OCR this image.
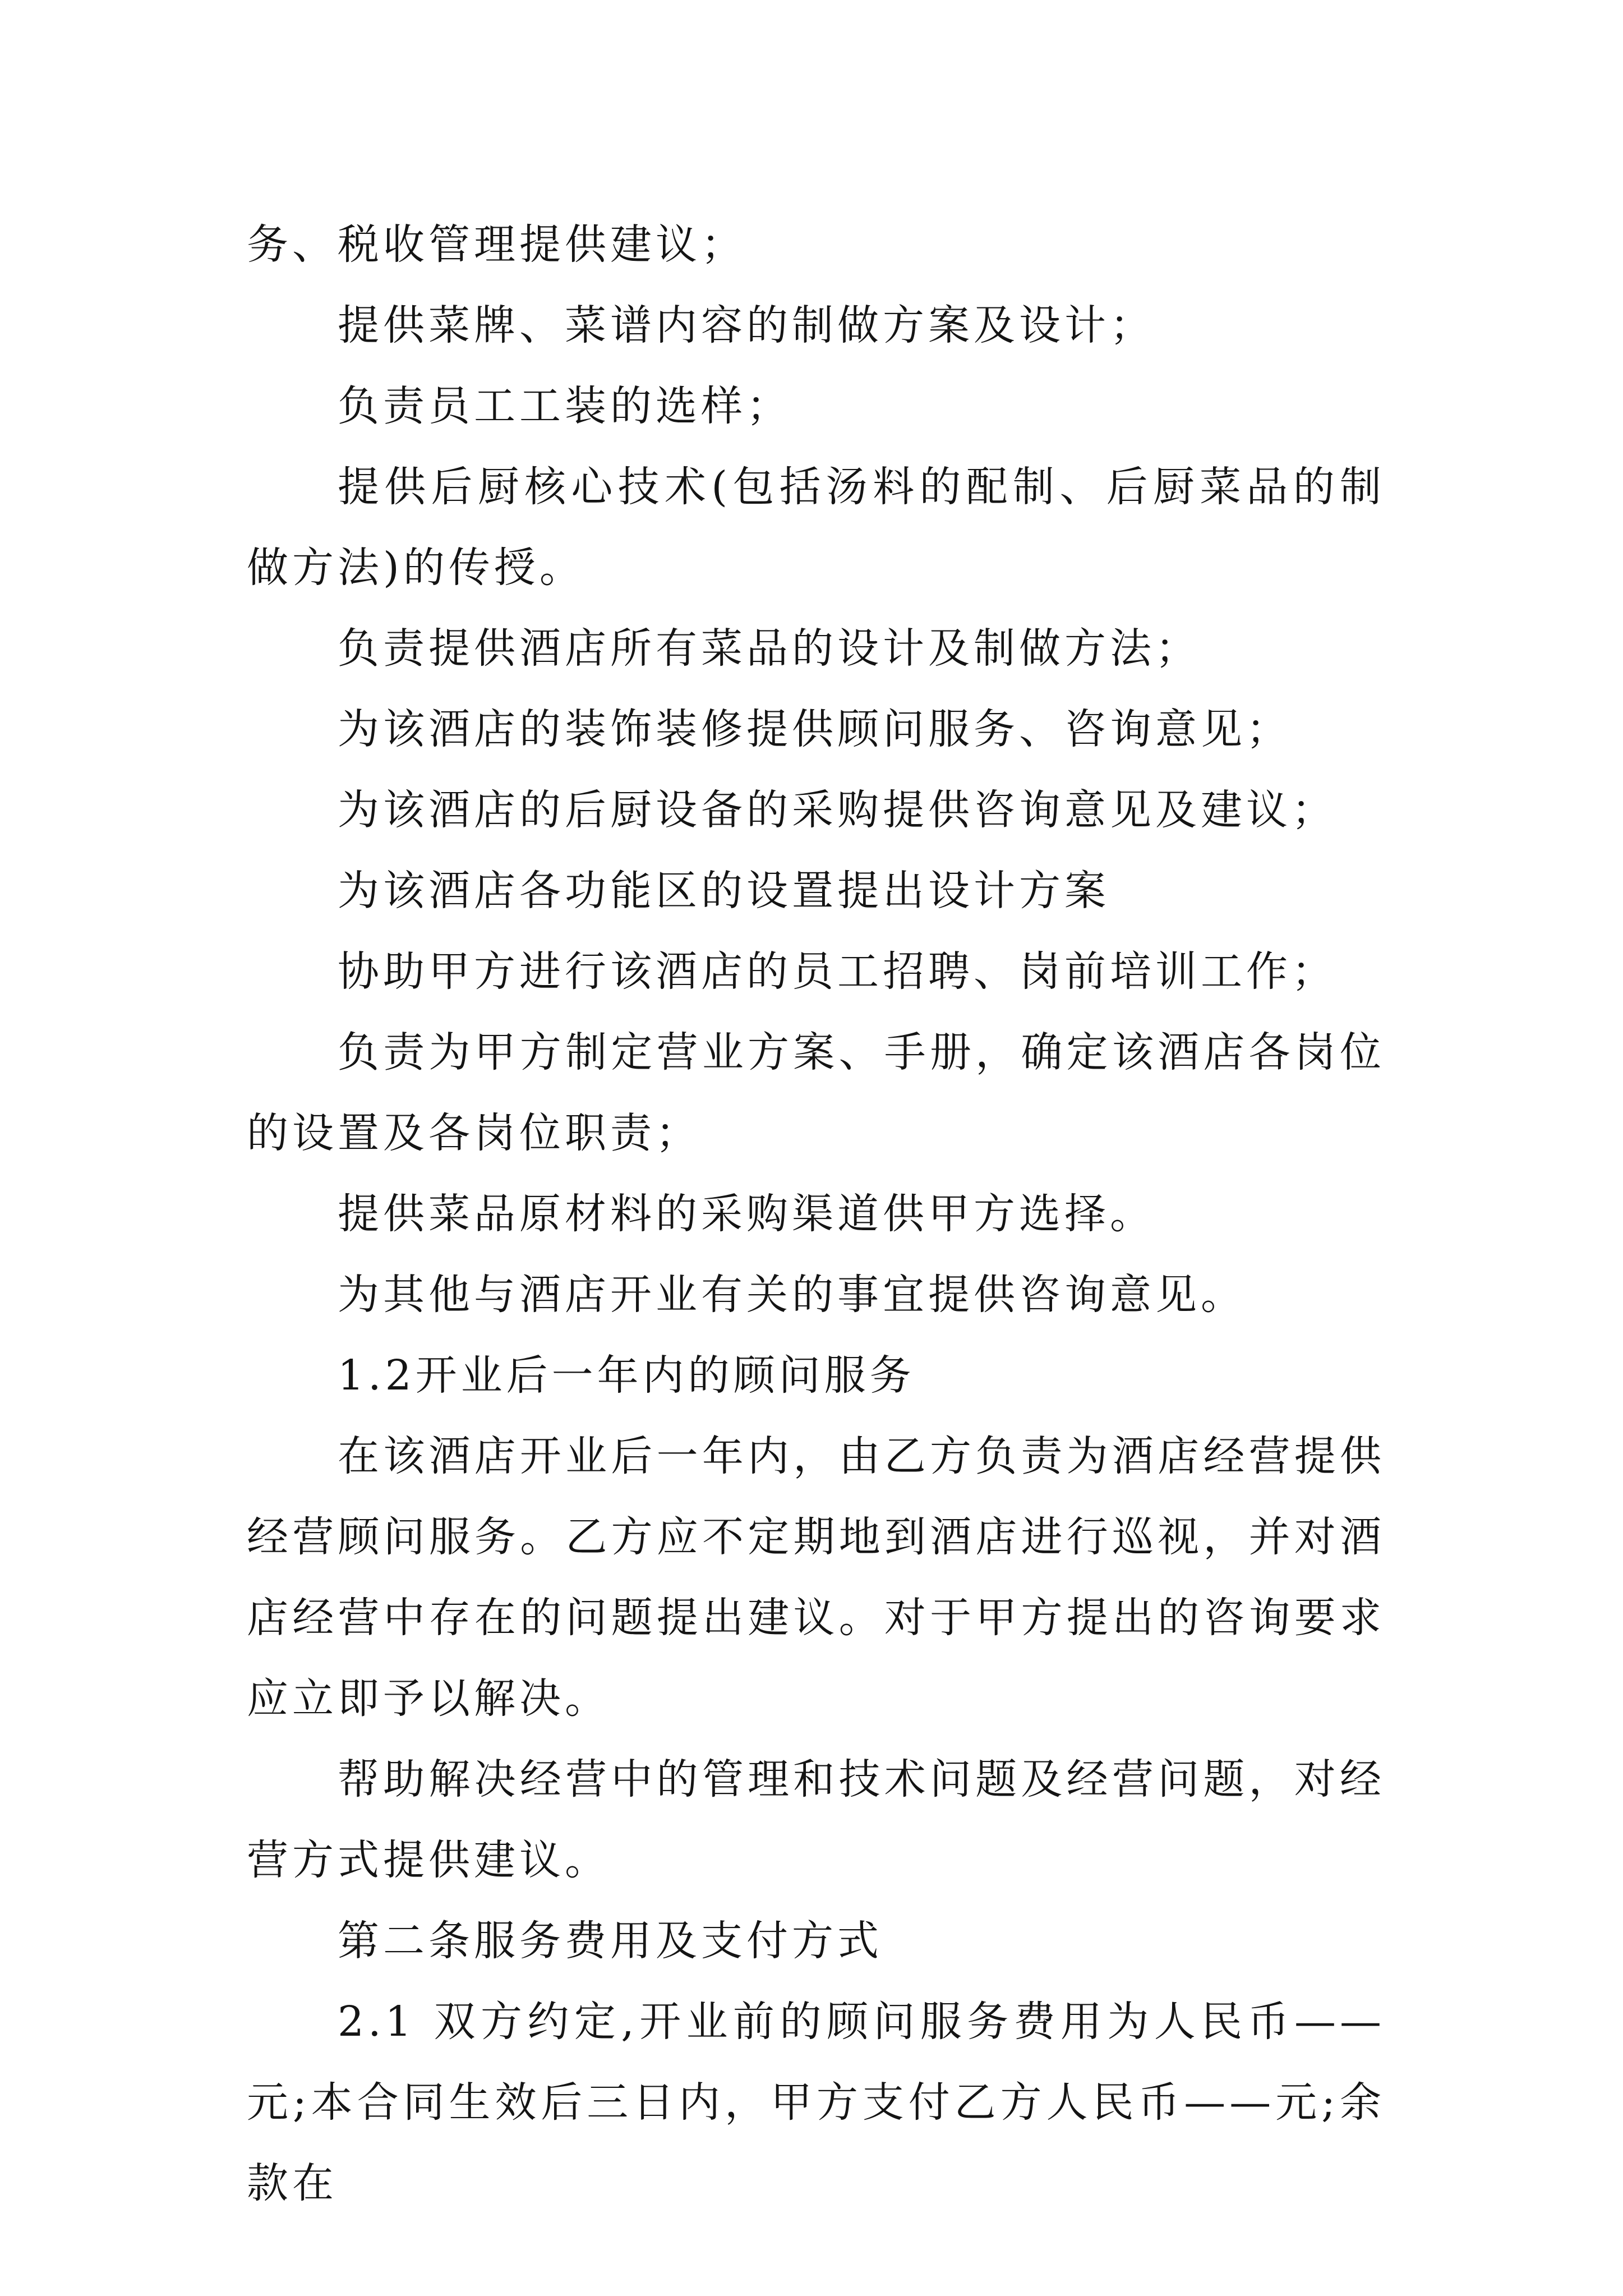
务、税收管理提供建议；

提供菜牌、菜谱内容的制做方案及设计；

负责员工工装的选样；

提供后厨核心技术(包括汤料的配制、后厨菜品的制做方法)的传授。

负责提供酒店所有菜品的设计及制做方法；

为该酒店的装饰装修提供顾问服务、咨询意见；

为该酒店的后厨设备的采购提供咨询意见及建议；

为该酒店各功能区的设置提出设计方案

协助甲方进行该酒店的员工招聘、岗前培训工作；

负责为甲方制定营业方案、手册，确定该酒店各岗位的设置及各岗位职责；

提供菜品原材料的采购渠道供甲方选择。

为其他与酒店开业有关的事宜提供咨询意见。

1.2开业后一年内的顾问服务

在该酒店开业后一年内，由乙方负责为酒店经营提供经营顾问服务。乙方应不定期地到酒店进行巡视，并对酒店经营中存在的问题提出建议。对于甲方提出的咨询要求应立即予以解决。

帮助解决经营中的管理和技术问题及经营问题，对经营方式提供建议。

第二条服务费用及支付方式

2.1 双方约定,开业前的顾问服务费用为人民币——元;本合同生效后三日内，甲方支付乙方人民币——元;余款在
